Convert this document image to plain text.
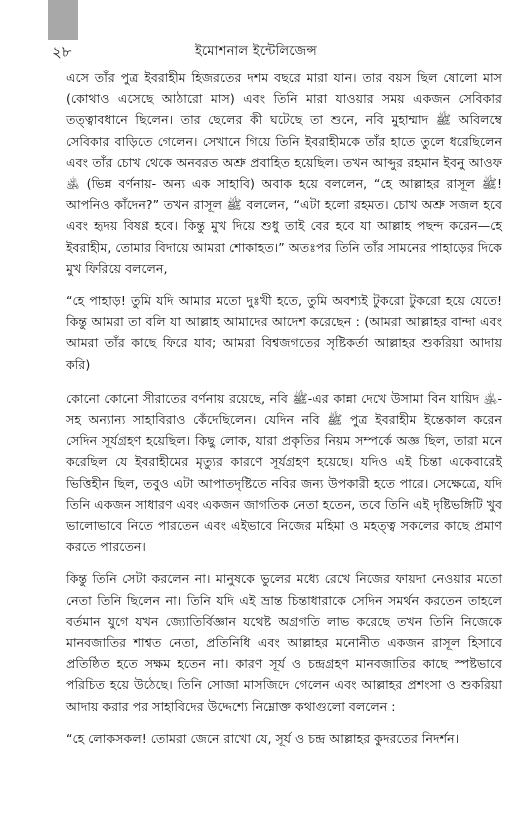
২৮	ইমোশনাল ইন্টেলিজেন্স

এসে তাঁর পুত্র ইবরাহীম হিজরতের দশম বছরে মারা যান। তার বয়স ছিল ষোলো মাস (কোথাও এসেছে আঠারো মাস) এবং তিনি মারা যাওয়ার সময় একজন সেবিকার তত্ত্বাবধানে ছিলেন। তার ছেলের কী ঘটেছে তা শুনে, নবি মুহাম্মাদ ﷺ অবিলম্বে সেবিকার বাড়িতে গেলেন। সেখানে গিয়ে তিনি ইবরাহীমকে তাঁর হাতে তুলে ধরেছিলেন এবং তাঁর চোখ থেকে অনবরত অশ্রু প্রবাহিত হয়েছিল। তখন আব্দুর রহমান ইবনু আওফ ﵁ (ভিন্ন বর্ণনায়- অন্য এক সাহাবি) অবাক হয়ে বললেন, “হে আল্লাহর রাসূল ﷺ! আপনিও কাঁদেন?” তখন রাসূল ﷺ বললেন, “এটা হলো রহমত। চোখ অশ্রু সজল হবে এবং হৃদয় বিষণ্ণ হবে। কিন্তু মুখ দিয়ে শুধু তাই বের হবে যা আল্লাহ পছন্দ করেন—হে ইবরাহীম, তোমার বিদায়ে আমরা শোকাহত।” অতঃপর তিনি তাঁর সামনের পাহাড়ের দিকে মুখ ফিরিয়ে বললেন,

“হে পাহাড়! তুমি যদি আমার মতো দুঃখী হতে, তুমি অবশ্যই টুকরো টুকরো হয়ে যেতে! কিন্তু আমরা তা বলি যা আল্লাহ আমাদের আদেশ করেছেন : (আমরা আল্লাহর বান্দা এবং আমরা তাঁর কাছে ফিরে যাব; আমরা বিশ্বজগতের সৃষ্টিকর্তা আল্লাহর শুকরিয়া আদায় করি)

কোনো কোনো সীরাতের বর্ণনায় রয়েছে, নবি ﷺ-এর কান্না দেখে উসামা বিন যায়িদ ﵁-সহ অন্যান্য সাহাবিরাও কেঁদেছিলেন। যেদিন নবি ﷺ পুত্র ইবরাহীম ইন্তেকাল করেন সেদিন সূর্যগ্রহণ হয়েছিল। কিছু লোক, যারা প্রকৃতির নিয়ম সম্পর্কে অজ্ঞ ছিল, তারা মনে করেছিল যে ইবরাহীমের মৃত্যুর কারণে সূর্যগ্রহণ হয়েছে। যদিও এই চিন্তা একেবারেই ভিত্তিহীন ছিল, তবুও এটা আপাতদৃষ্টিতে নবির জন্য উপকারী হতে পারে। সেক্ষেত্রে, যদি তিনি একজন সাধারণ এবং একজন জাগতিক নেতা হতেন, তবে তিনি এই দৃষ্টিভঙ্গিটি খুব ভালোভাবে নিতে পারতেন এবং এইভাবে নিজের মহিমা ও মহত্ত্ব সকলের কাছে প্রমাণ করতে পারতেন।

কিন্তু তিনি সেটা করলেন না। মানুষকে ভুলের মধ্যে রেখে নিজের ফায়দা নেওয়ার মতো নেতা তিনি ছিলেন না। তিনি যদি এই ভ্রান্ত চিন্তাধারাকে সেদিন সমর্থন করতেন তাহলে বর্তমান যুগে যখন জ্যোতির্বিজ্ঞান যথেষ্ট অগ্রগতি লাভ করেছে তখন তিনি নিজেকে মানবজাতির শাশ্বত নেতা, প্রতিনিধি এবং আল্লাহর মনোনীত একজন রাসূল হিসাবে প্রতিষ্ঠিত হতে সক্ষম হতেন না। কারণ সূর্য ও চন্দ্রগ্রহণ মানবজাতির কাছে স্পষ্টভাবে পরিচিত হয়ে উঠেছে। তিনি সোজা মাসজিদে গেলেন এবং আল্লাহর প্রশংসা ও শুকরিয়া আদায় করার পর সাহাবিদের উদ্দেশ্যে নিম্নোক্ত কথাগুলো বললেন :

“হে লোকসকল! তোমরা জেনে রাখো যে, সূর্য ও চন্দ্র আল্লাহর কুদরতের নিদর্শন।
